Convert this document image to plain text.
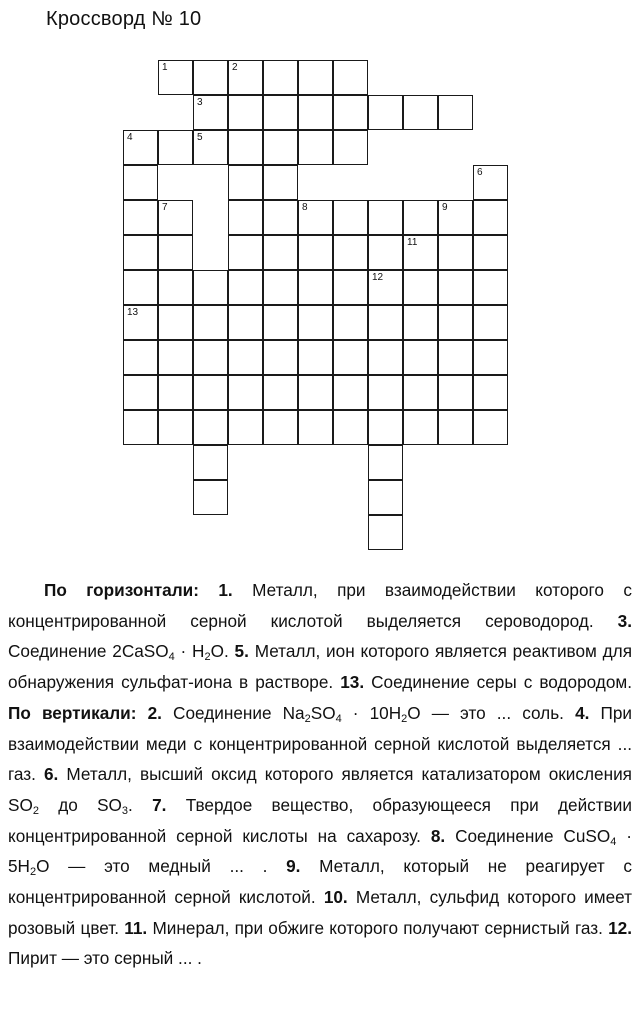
Кроссворд № 10
1	2
3
4	5
7
13
6
9
12
8
11

По горизонтали: 1. Металл, при взаимодействии которого с концентрированной серной кислотой выделяется сероводород. 3. Соединение 2CaSO$_4$ · $H_2O$. 5. Металл, ион которого является реактивом для обнаружения сульфат-иона в растворе. 13. Соединение серы с водородом. По вертикали: 2. Соединение $Na_2SO_4 \cdot 10H_2O$ — это ... соль. 4. При взаимодействии меди с концентрированной серной кислотой выделяется ... газ. 6. Металл, высший оксид которого является катализатором окисления $SO_2$ до $SO_3$. 7. Твердое вещество, образующееся при действии концентрированной серной кислоты на сахарозу. 8. Соединение CuSO$_4$ · $5H_2O$ — это медный ... . 9. Металл, который не реагирует с концентрированной серной кислотой. 10. Металл, сульфид которого имеет розовый цвет. 11. Минерал, при обжиге которого получают сернистый газ. 12. Пирит — это серный ... .
